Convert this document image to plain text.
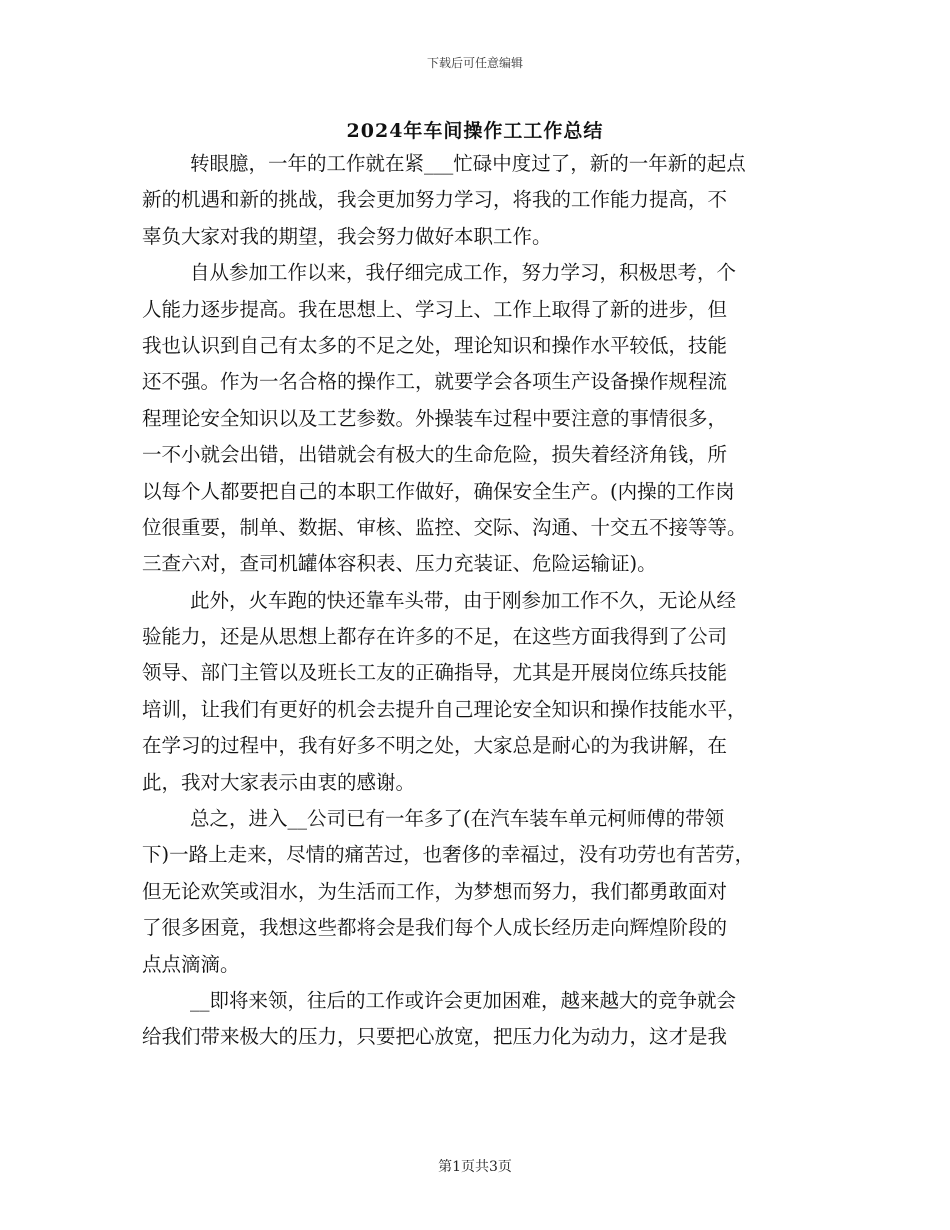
下载后可任意编辑
2024年车间操作工工作总结
转眼臆，一年的工作就在紧___忙碌中度过了，新的一年新的起点
新的机遇和新的挑战，我会更加努力学习，将我的工作能力提高，不
辜负大家对我的期望，我会努力做好本职工作。
自从参加工作以来，我仔细完成工作，努力学习，积极思考，个
人能力逐步提高。我在思想上、学习上、工作上取得了新的进步，但
我也认识到自己有太多的不足之处，理论知识和操作水平较低，技能
还不强。作为一名合格的操作工，就要学会各项生产设备操作规程流
程理论安全知识以及工艺参数。外操装车过程中要注意的事情很多，
一不小就会出错，出错就会有极大的生命危险，损失着经济角钱，所
以每个人都要把自己的本职工作做好，确保安全生产。(内操的工作岗
位很重要，制单、数据、审核、监控、交际、沟通、十交五不接等等。
三查六对，查司机罐体容积表、压力充装证、危险运输证)。
此外，火车跑的快还靠车头带，由于刚参加工作不久，无论从经
验能力，还是从思想上都存在许多的不足，在这些方面我得到了公司
领导、部门主管以及班长工友的正确指导，尤其是开展岗位练兵技能
培训，让我们有更好的机会去提升自己理论安全知识和操作技能水平，
在学习的过程中，我有好多不明之处，大家总是耐心的为我讲解，在
此，我对大家表示由衷的感谢。
总之，进入__公司已有一年多了(在汽车装车单元柯师傅的带领
下)一路上走来，尽情的痛苦过，也奢侈的幸福过，没有功劳也有苦劳，
但无论欢笑或泪水，为生活而工作，为梦想而努力，我们都勇敢面对
了很多困竟，我想这些都将会是我们每个人成长经历走向辉煌阶段的
点点滴滴。
__即将来领，往后的工作或许会更加困难，越来越大的竞争就会
给我们带来极大的压力，只要把心放宽，把压力化为动力，这才是我
第1页共3页
